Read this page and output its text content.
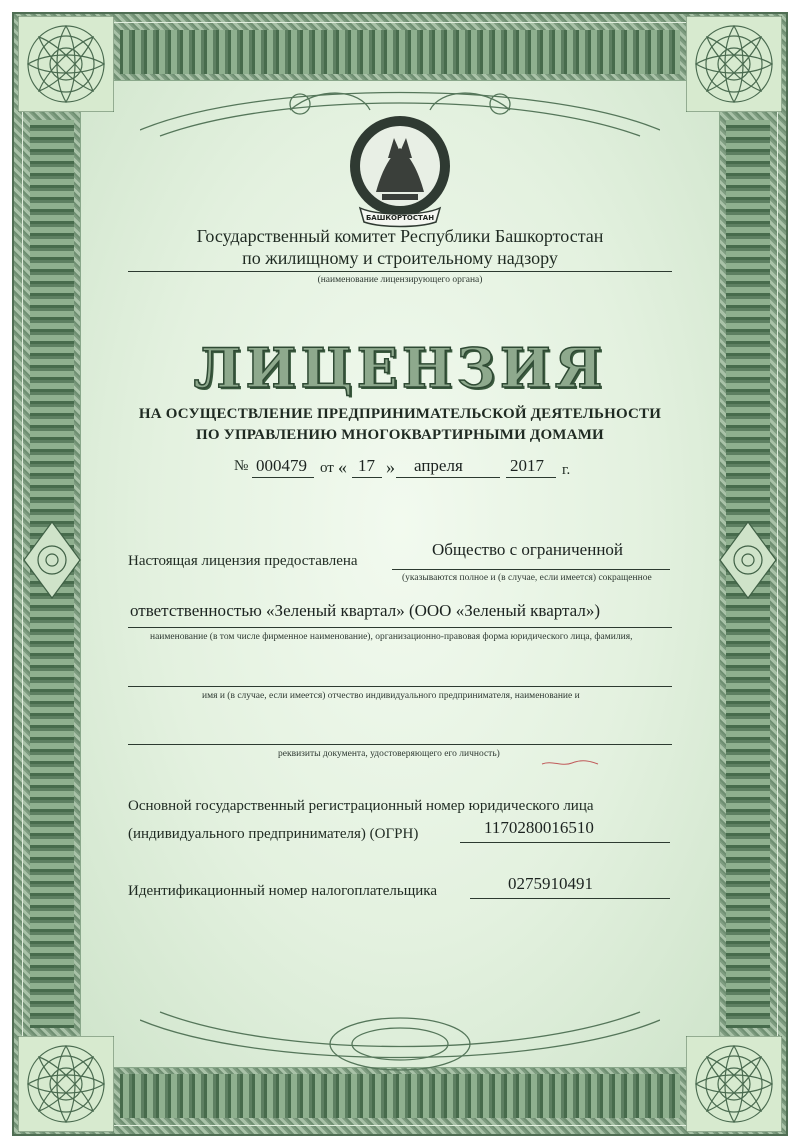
БАШКОРТОСТАН
Государственный комитет Республики Башкортостан
по жилищному и строительному надзору
(наименование лицензирующего органа)
ЛИЦЕНЗИЯ
НА ОСУЩЕСТВЛЕНИЕ ПРЕДПРИНИМАТЕЛЬСКОЙ ДЕЯТЕЛЬНОСТИ
ПО УПРАВЛЕНИЮ МНОГОКВАРТИРНЫМИ ДОМАМИ
№ 000479 от « 17 » апреля	2017 г.
Настоящая лицензия предоставлена
Общество с ограниченной
(указываются полное и (в случае, если имеется) сокращенное
ответственностью «Зеленый квартал» (ООО «Зеленый квартал»)
наименование (в том числе фирменное наименование), организационно-правовая форма юридического лица, фамилия,
имя и (в случае, если имеется) отчество индивидуального предпринимателя, наименование и
реквизиты документа, удостоверяющего его личность)
Основной государственный регистрационный номер юридического лица
(индивидуального предпринимателя) (ОГРН)	1170280016510
Идентификационный номер налогоплательщика	0275910491
